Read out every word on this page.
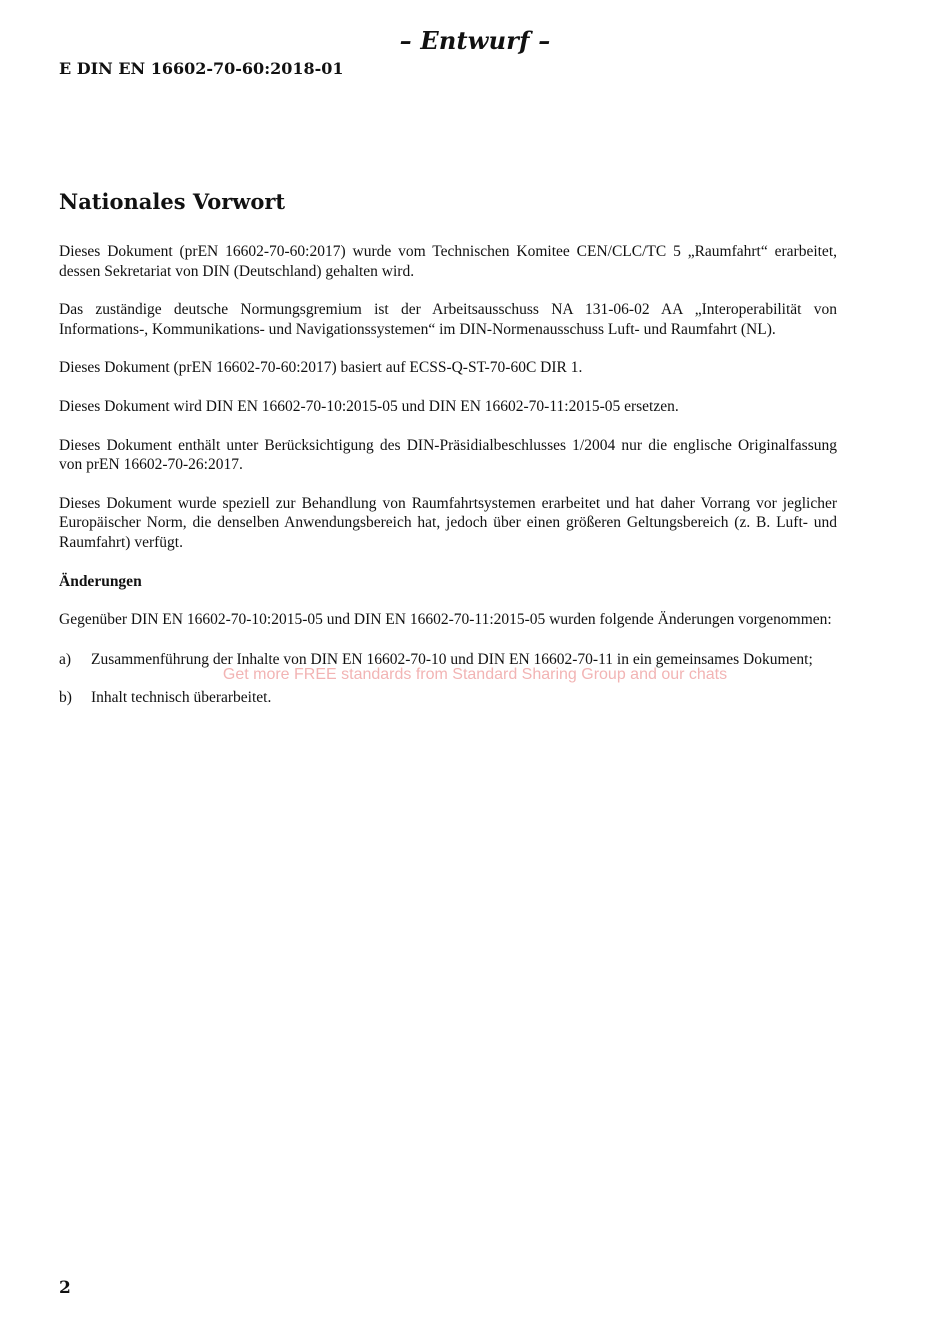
– Entwurf –
E DIN EN 16602-70-60:2018-01
Nationales Vorwort

Dieses Dokument (prEN 16602-70-60:2017) wurde vom Technischen Komitee CEN/CLC/TC 5 „Raumfahrt“ erarbeitet, dessen Sekretariat von DIN (Deutschland) gehalten wird.

Das zuständige deutsche Normungsgremium ist der Arbeitsausschuss NA 131-06-02 AA „Interoperabilität von Informations-, Kommunikations- und Navigationssystemen“ im DIN-Normenausschuss Luft- und Raumfahrt (NL).

Dieses Dokument (prEN 16602-70-60:2017) basiert auf ECSS-Q-ST-70-60C DIR 1.

Dieses Dokument wird DIN EN 16602-70-10:2015-05 und DIN EN 16602-70-11:2015-05 ersetzen.

Dieses Dokument enthält unter Berücksichtigung des DIN-Präsidialbeschlusses 1/2004 nur die englische Originalfassung von prEN 16602-70-26:2017.

Dieses Dokument wurde speziell zur Behandlung von Raumfahrtsystemen erarbeitet und hat daher Vorrang vor jeglicher Europäischer Norm, die denselben Anwendungsbereich hat, jedoch über einen größeren Geltungsbereich (z. B. Luft- und Raumfahrt) verfügt.

Änderungen

Gegenüber DIN EN 16602-70-10:2015-05 und DIN EN 16602-70-11:2015-05 wurden folgende Änderungen vorgenommen:

a)	Zusammenführung der Inhalte von DIN EN 16602-70-10 und DIN EN 16602-70-11 in ein gemeinsames Dokument;
b)	Inhalt technisch überarbeitet.
Get more FREE standards from Standard Sharing Group and our chats
2
